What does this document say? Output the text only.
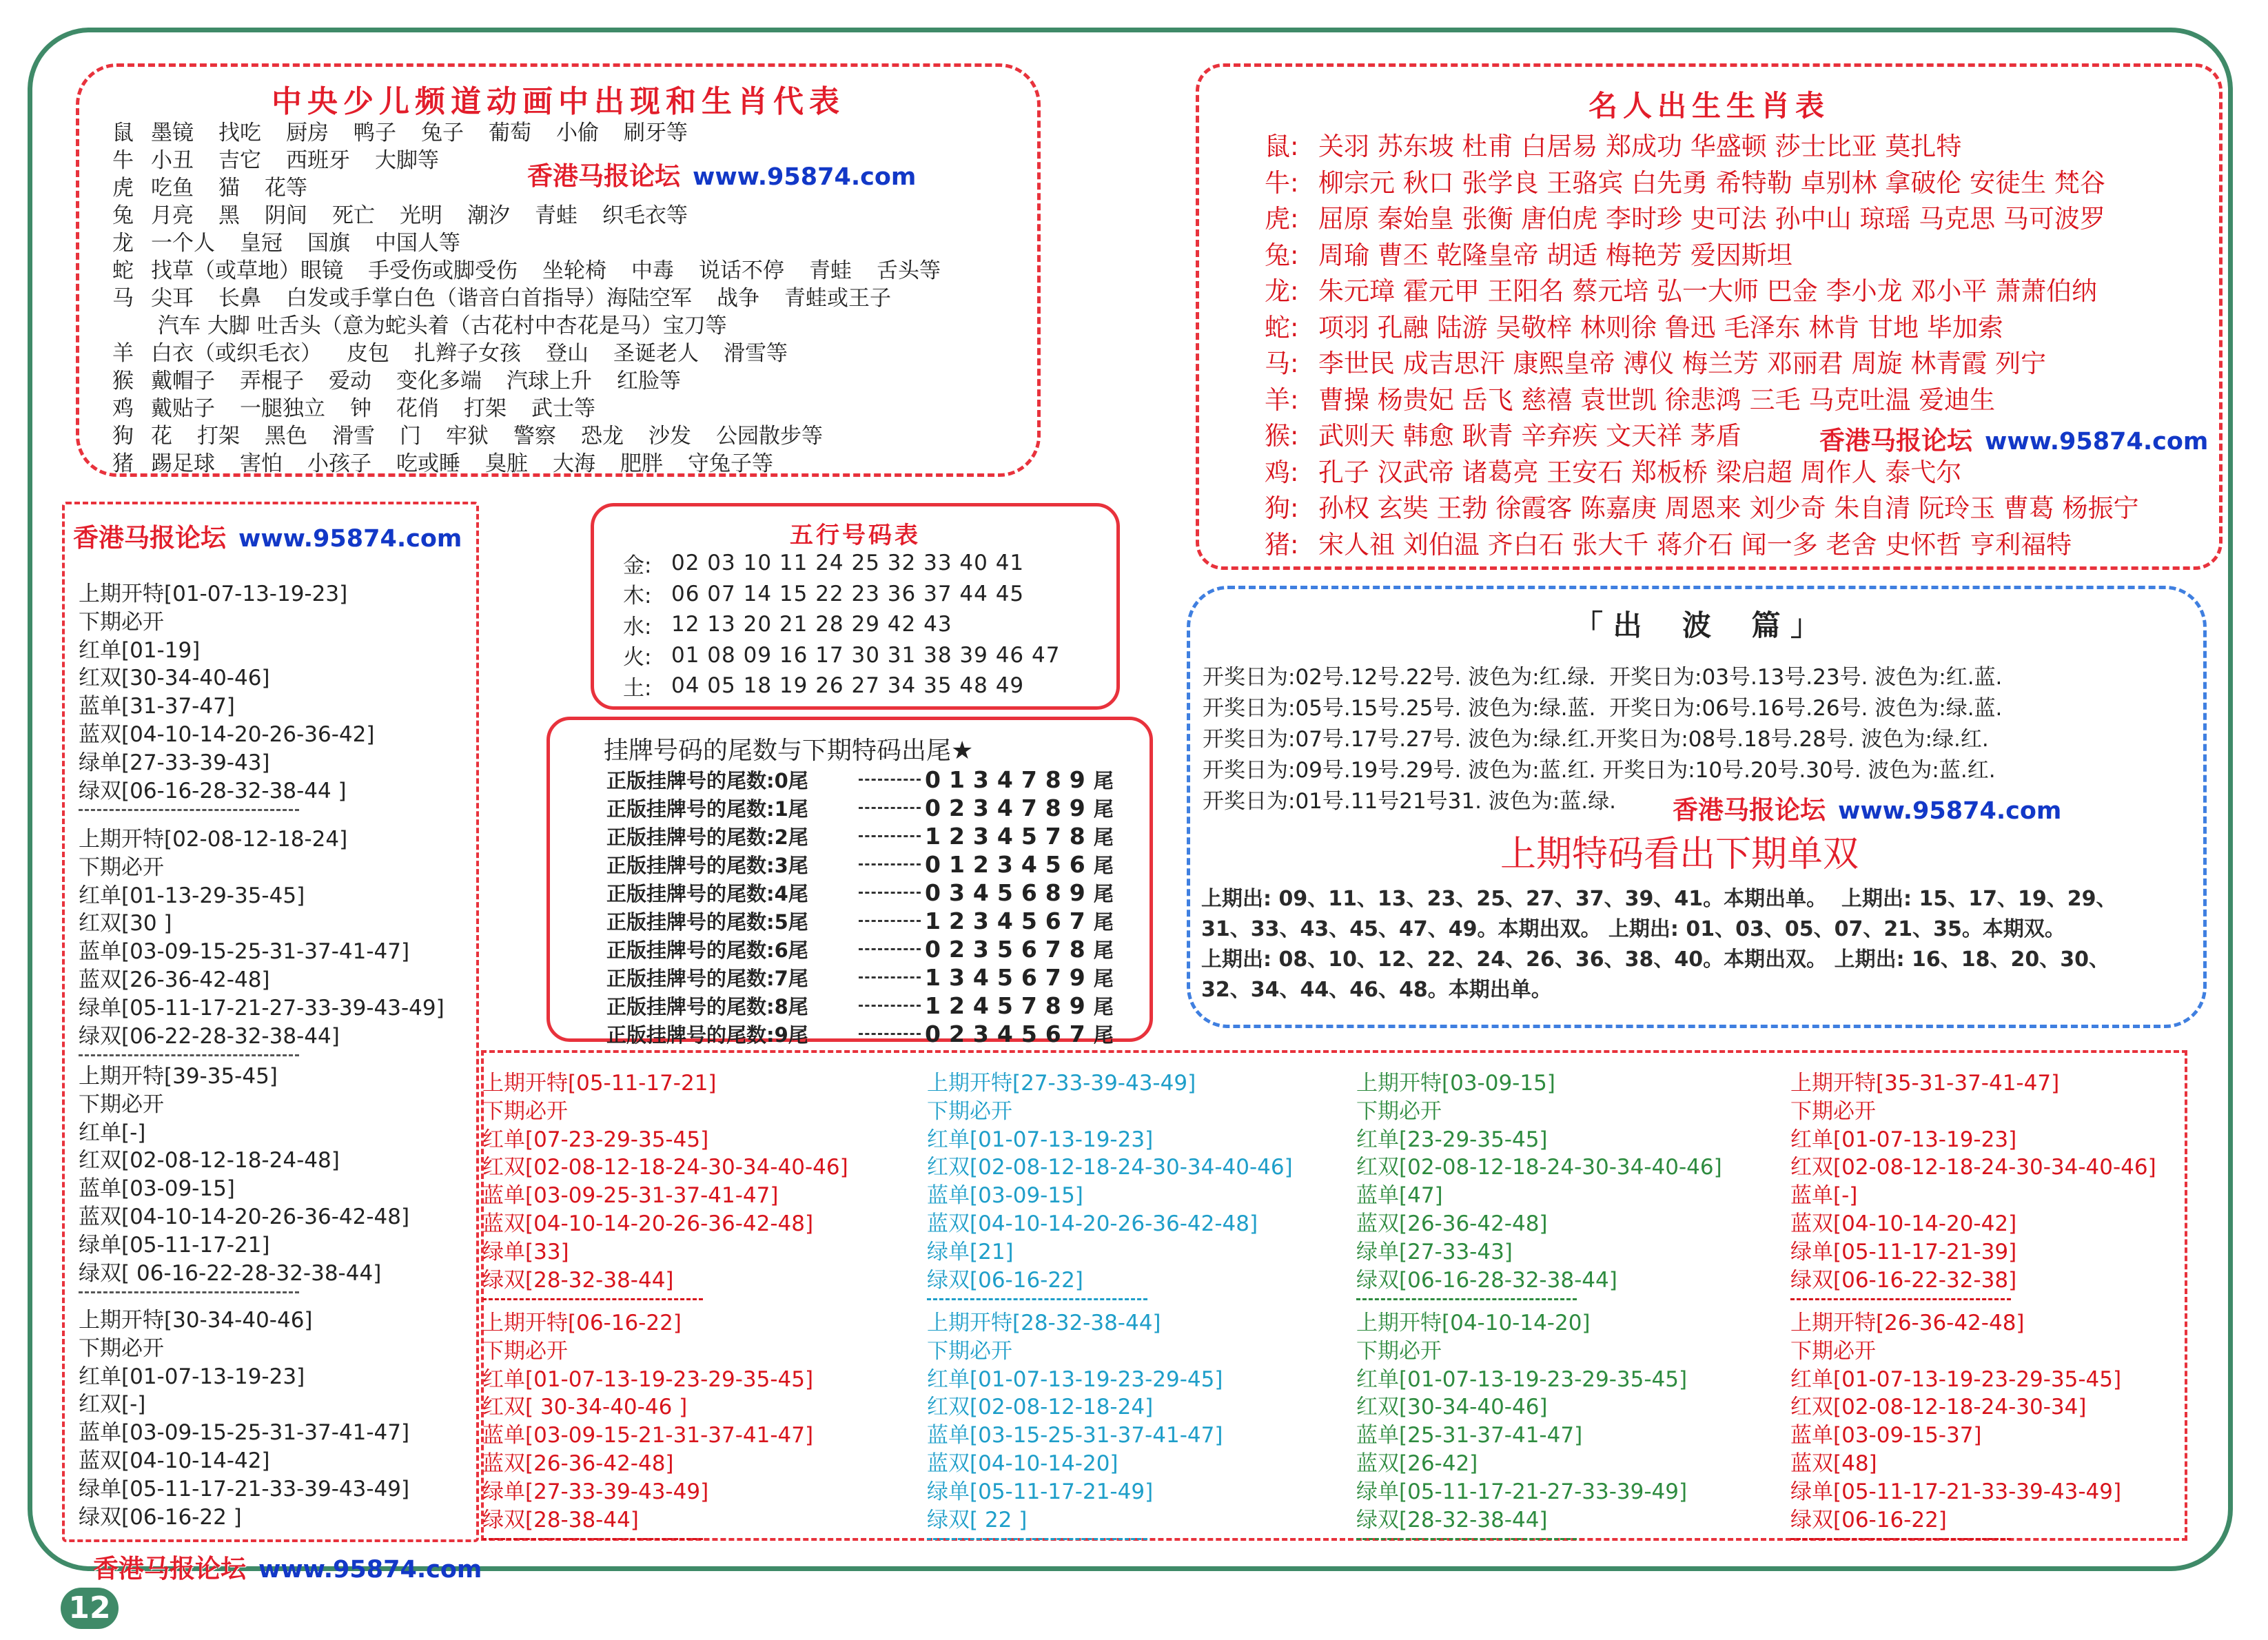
中央少儿频道动画中出现和生肖代表
鼠 墨镜 找吃 厨房 鸭子 兔子 葡萄 小偷 刷牙等
牛 小丑 吉它 西班牙 大脚等
虎 吃鱼 猫 花等
兔 月亮 黑 阴间 死亡 光明 潮汐 青蛙 织毛衣等
龙 一个人 皇冠 国旗 中国人等
蛇 找草（或草地）眼镜 手受伤或脚受伤 坐轮椅 中毒 说话不停 青蛙 舌头等
马 尖耳 长鼻 白发或手掌白色（谐音白首指导）海陆空军 战争 青蛙或王子
汽车 大脚 吐舌头（意为蛇头着（古花村中杏花是马）宝刀等
羊 白衣（或织毛衣） 皮包 扎辫子女孩 登山 圣诞老人 滑雪等
猴 戴帽子 弄棍子 爱动 变化多端 汽球上升 红脸等
鸡 戴贴子 一腿独立 钟 花俏 打架 武士等
狗 花 打架 黑色 滑雪 门 牢狱 警察 恐龙 沙发 公园散步等
猪 踢足球 害怕 小孩子 吃或睡 臭脏 大海 肥胖 守兔子等
香港马报论坛 www.95874.com
名人出生生肖表
鼠: 关羽 苏东坡 杜甫 白居易 郑成功 华盛顿 莎士比亚 莫扎特
牛: 柳宗元 秋口 张学良 王骆宾 白先勇 希特勒 卓别林 拿破伦 安徒生 梵谷
虎: 屈原 秦始皇 张衡 唐伯虎 李时珍 史可法 孙中山 琼瑶 马克思 马可波罗
兔: 周瑜 曹丕 乾隆皇帝 胡适 梅艳芳 爱因斯坦
龙: 朱元璋 霍元甲 王阳名 蔡元培 弘一大师 巴金 李小龙 邓小平 萧萧伯纳
蛇: 项羽 孔融 陆游 吴敬梓 林则徐 鲁迅 毛泽东 林肯 甘地 毕加索
马: 李世民 成吉思汗 康熙皇帝 溥仪 梅兰芳 邓丽君 周旋 林青霞 列宁
羊: 曹操 杨贵妃 岳飞 慈禧 袁世凯 徐悲鸿 三毛 马克吐温 爱迪生
猴: 武则天 韩愈 耿青 辛弃疾 文天祥 茅盾
鸡: 孔子 汉武帝 诸葛亮 王安石 郑板桥 梁启超 周作人 泰弋尔
狗: 孙权 玄奘 王勃 徐霞客 陈嘉庚 周恩来 刘少奇 朱自清 阮玲玉 曹葛 杨振宁
猪: 宋人祖 刘伯温 齐白石 张大千 蒋介石 闻一多 老舍 史怀哲 亨利福特
香港马报论坛 www.95874.com
香港马报论坛 www.95874.com	五行号码表
金: 02 03 10 11 24 25 32 33 40 41
木: 06 07 14 15 22 23 36 37 44 45
水: 12 13 20 21 28 29 42 43
火: 01 08 09 16 17 30 31 38 39 46 47
土: 04 05 18 19 26 27 34 35 48 49
挂牌号码的尾数与下期特码出尾★
正版挂牌号的尾数:0尾	0134789 尾
正版挂牌号的尾数:1尾	0234789 尾
正版挂牌号的尾数:2尾	1234578 尾
正版挂牌号的尾数:3尾	0123456 尾
正版挂牌号的尾数:4尾	0345689 尾
正版挂牌号的尾数:5尾	1234567 尾
正版挂牌号的尾数:6尾	0235678 尾
正版挂牌号的尾数:7尾	1345679 尾
正版挂牌号的尾数:8尾	1245789 尾
正版挂牌号的尾数:9尾	0234567 尾
「 出    波    篇 」
开奖日为:02号.12号.22号. 波色为:红.绿.  开奖日为:03号.13号.23号. 波色为:红.蓝.
开奖日为:05号.15号.25号. 波色为:绿.蓝.  开奖日为:06号.16号.26号. 波色为:绿.蓝.
开奖日为:07号.17号.27号. 波色为:绿.红.开奖日为:08号.18号.28号. 波色为:绿.红.
开奖日为:09号.19号.29号. 波色为:蓝.红. 开奖日为:10号.20号.30号. 波色为:蓝.红.
开奖日为:01号.11号21号31. 波色为:蓝.绿.	香港马报论坛 www.95874.com
上期特码看出下期单双
上期出: 09、11、13、23、25、27、37、39、41。本期出单。  上期出: 15、17、19、29、
31、33、43、45、47、49。本期出双。 上期出: 01、03、05、07、21、35。本期双。
上期出: 08、10、12、22、24、26、36、38、40。本期出双。 上期出: 16、18、20、30、
32、34、44、46、48。本期出单。
上期开特[01-07-13-19-23]
下期必开
红单[01-19]
红双[30-34-40-46]
蓝单[31-37-47]
蓝双[04-10-14-20-26-36-42]
绿单[27-33-39-43]
绿双[06-16-28-32-38-44 ]
上期开特[02-08-12-18-24]
下期必开
红单[01-13-29-35-45]
红双[30 ]
蓝单[03-09-15-25-31-37-41-47]
蓝双[26-36-42-48]
绿单[05-11-17-21-27-33-39-43-49]
绿双[06-22-28-32-38-44]
上期开特[39-35-45]
下期必开
红单[-]
红双[02-08-12-18-24-48]
蓝单[03-09-15]
蓝双[04-10-14-20-26-36-42-48]
绿单[05-11-17-21]
绿双[ 06-16-22-28-32-38-44]
上期开特[30-34-40-46]
下期必开
红单[01-07-13-19-23]
红双[-]
蓝单[03-09-15-25-31-37-41-47]
蓝双[04-10-14-42]
绿单[05-11-17-21-33-39-43-49]
绿双[06-16-22 ]
上期开特[05-11-17-21]
下期必开
红单[07-23-29-35-45]
红双[02-08-12-18-24-30-34-40-46]
蓝单[03-09-25-31-37-41-47]
蓝双[04-10-14-20-26-36-42-48]
绿单[33]
绿双[28-32-38-44]
上期开特[06-16-22]
下期必开
红单[01-07-13-19-23-29-35-45]
红双[ 30-34-40-46 ]
蓝单[03-09-15-21-31-37-41-47]
蓝双[26-36-42-48]
绿单[27-33-39-43-49]
绿双[28-38-44]
上期开特[27-33-39-43-49]
下期必开
红单[01-07-13-19-23]
红双[02-08-12-18-24-30-34-40-46]
蓝单[03-09-15]
蓝双[04-10-14-20-26-36-42-48]
绿单[21]
绿双[06-16-22]
上期开特[28-32-38-44]
下期必开
红单[01-07-13-19-23-29-45]
红双[02-08-12-18-24]
蓝单[03-15-25-31-37-41-47]
蓝双[04-10-14-20]
绿单[05-11-17-21-49]
绿双[ 22 ]
上期开特[03-09-15]
下期必开
红单[23-29-35-45]
红双[02-08-12-18-24-30-34-40-46]
蓝单[47]
蓝双[26-36-42-48]
绿单[27-33-43]
绿双[06-16-28-32-38-44]
上期开特[04-10-14-20]
下期必开
红单[01-07-13-19-23-29-35-45]
红双[30-34-40-46]
蓝单[25-31-37-41-47]
蓝双[26-42]
绿单[05-11-17-21-27-33-39-49]
绿双[28-32-38-44]
上期开特[35-31-37-41-47]
下期必开
红单[01-07-13-19-23]
红双[02-08-12-18-24-30-34-40-46]
蓝单[-]
蓝双[04-10-14-20-42]
绿单[05-11-17-21-39]
绿双[06-16-22-32-38]
上期开特[26-36-42-48]
下期必开
红单[01-07-13-19-23-29-35-45]
红双[02-08-12-18-24-30-34]
蓝单[03-09-15-37]
蓝双[48]
绿单[05-11-17-21-33-39-43-49]
绿双[06-16-22]
香港马报论坛 www.95874.com
12
